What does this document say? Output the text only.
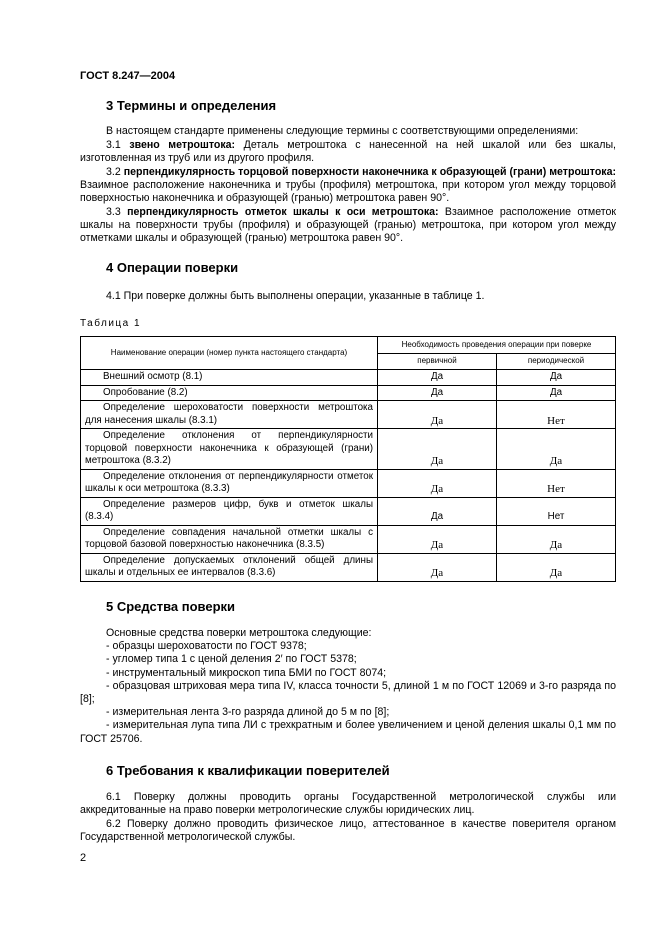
ГОСТ 8.247—2004
3 Термины и определения
В настоящем стандарте применены следующие термины с соответствующими определениями:
3.1 звено метроштока: Деталь метроштока с нанесенной на ней шкалой или без шкалы, изготовленная из труб или из другого профиля.
3.2 перпендикулярность торцовой поверхности наконечника к образующей (грани) метроштока: Взаимное расположение наконечника и трубы (профиля) метроштока, при котором угол между торцовой поверхностью наконечника и образующей (гранью) метроштока равен 90°.
3.3 перпендикулярность отметок шкалы к оси метроштока: Взаимное расположение отметок шкалы на поверхности трубы (профиля) и образующей (гранью) метроштока, при котором угол между отметками шкалы и образующей (гранью) метроштока равен 90°.
4 Операции поверки
4.1 При поверке должны быть выполнены операции, указанные в таблице 1.
Таблица 1
Наименование операции (номер пункта настоящего стандарта)	Необходимость проведения операции при поверке	
	первичной	периодической
Внешний осмотр (8.1)	Да	Да
Опробование (8.2)	Да	Да
Определение шероховатости поверхности метроштока для нанесения шкалы (8.3.1)	Да	Нет
Определение отклонения от перпендикулярности торцовой поверхности наконечника к образующей (грани) метроштока (8.3.2)	Да	Да
Определение отклонения от перпендикулярности отметок шкалы к оси метроштока (8.3.3)	Да	Нет
Определение размеров цифр, букв и отметок шкалы (8.3.4)	Да	Нет
Определение совпадения начальной отметки шкалы с торцовой базовой поверхностью наконечника (8.3.5)	Да	Да
Определение допускаемых отклонений общей длины шкалы и отдельных ее интервалов (8.3.6)	Да	Да
5 Средства поверки
Основные средства поверки метроштока следующие:
- образцы шероховатости по ГОСТ 9378;
- угломер типа 1 с ценой деления 2′ по ГОСТ 5378;
- инструментальный микроскоп типа БМИ по ГОСТ 8074;
- образцовая штриховая мера типа IV, класса точности 5, длиной 1 м по ГОСТ 12069 и 3-го разряда по [8];
- измерительная лента 3-го разряда длиной до 5 м по [8];
- измерительная лупа типа ЛИ с трехкратным и более увеличением и ценой деления шкалы 0,1 мм по ГОСТ 25706.
6 Требования к квалификации поверителей
6.1 Поверку должны проводить органы Государственной метрологической службы или аккредитованные на право поверки метрологические службы юридических лиц.
6.2 Поверку должно проводить физическое лицо, аттестованное в качестве поверителя органом Государственной метрологической службы.
2
